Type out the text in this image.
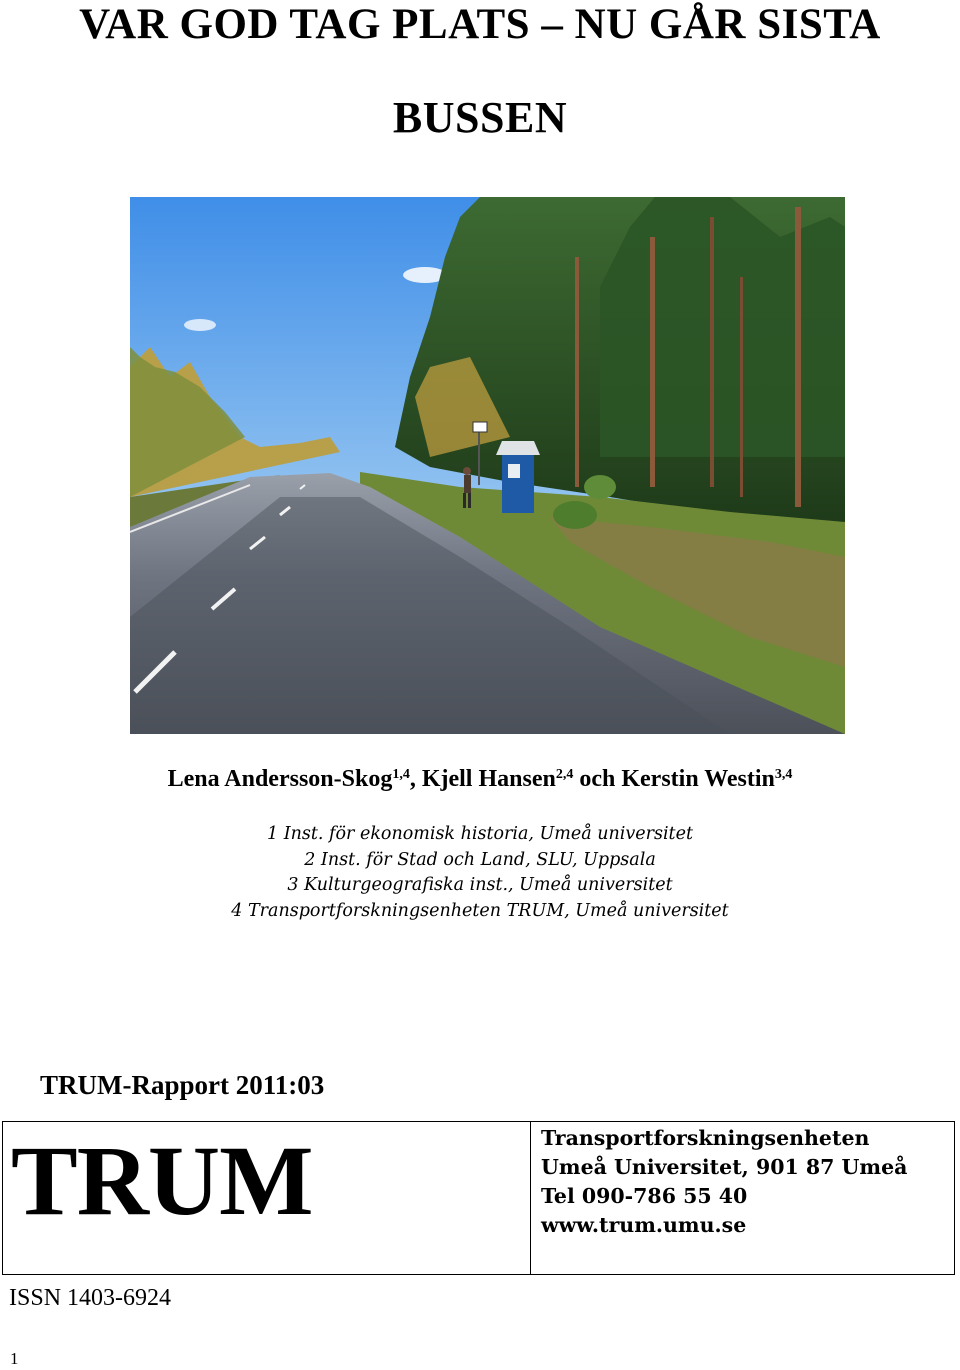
VAR GOD TAG PLATS – NU GÅR SISTA
BUSSEN
Lena Andersson-Skog$^{1,4}$, Kjell Hansen$^{2,4}$ och Kerstin Westin$^{3,4}$
1 Inst. för ekonomisk historia, Umeå universitet
2 Inst. för Stad och Land, SLU, Uppsala
3 Kulturgeografiska inst., Umeå universitet
4 Transportforskningsenheten TRUM, Umeå universitet
TRUM-Rapport 2011:03
TRUM	Transportforskningsenheten
Umeå Universitet, 901 87 Umeå
Tel 090-786 55 40
www.trum.umu.se
ISSN 1403-6924
1
